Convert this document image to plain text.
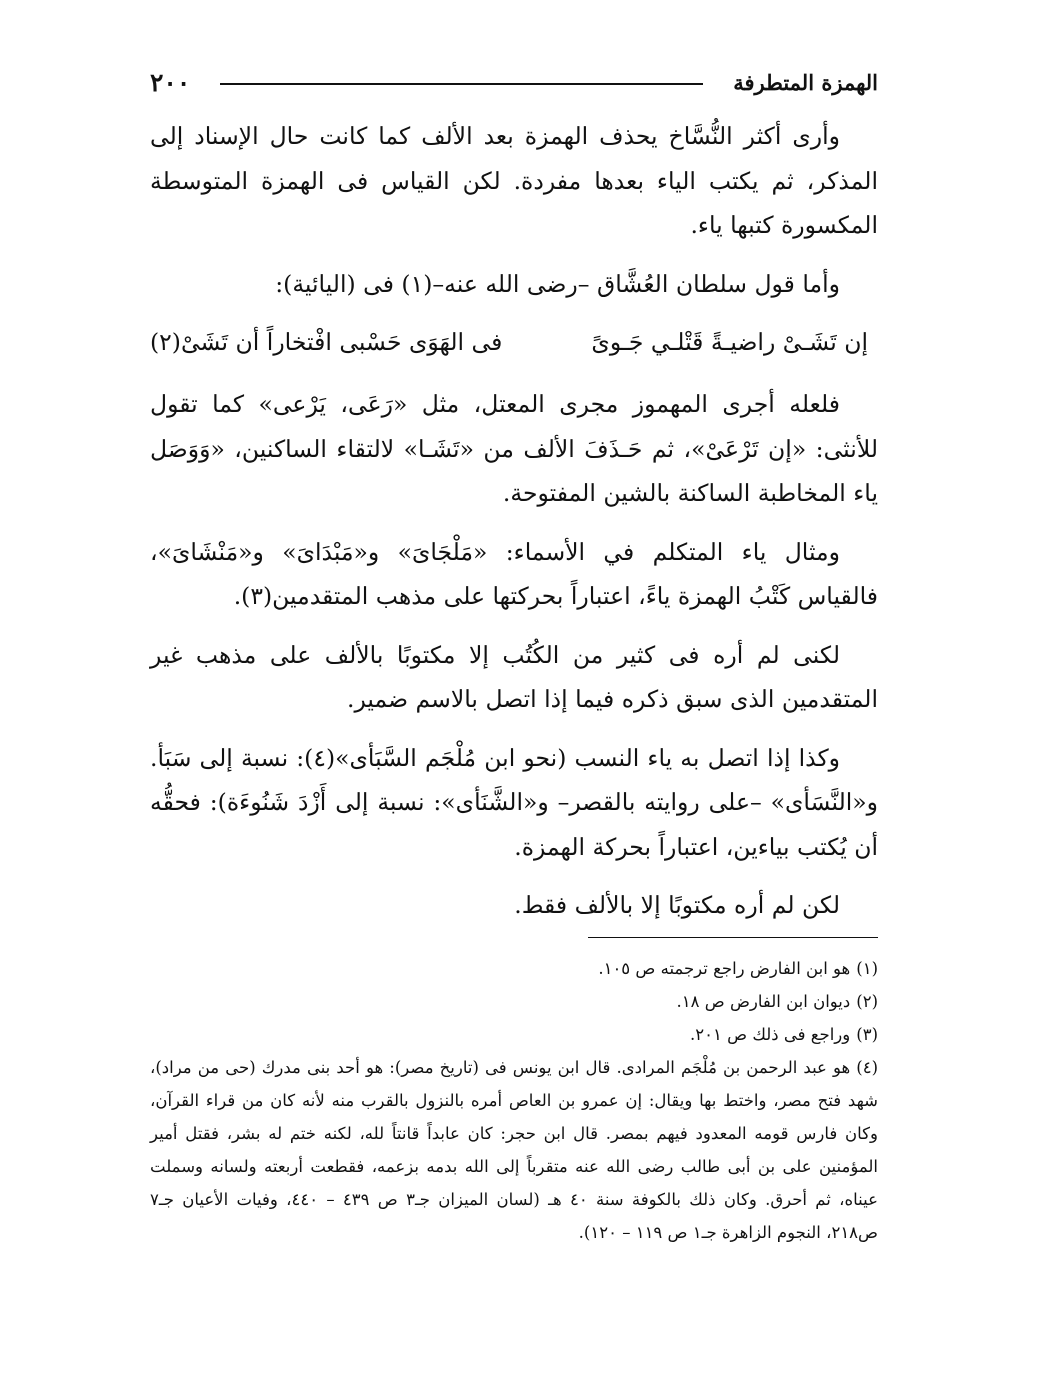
الهمزة المتطرفة
٢٠٠

وأرى أكثر النُّسَّاخ يحذف الهمزة بعد الألف كما كانت حال الإسناد إلى المذكر، ثم يكتب الياء بعدها مفردة. لكن القياس فى الهمزة المتوسطة المكسورة كتبها ياء.

وأما قول سلطان العُشَّاق –رضى الله عنه–(١) فى (اليائية):

إن تَشَـىْ راضيـةً قَتْلـي جَـوىً
فى الهَوَى حَسْبى افْتخاراً أن تَشَىْ(٢)

فلعله أجرى المهموز مجرى المعتل، مثل «رَعَى، يَرْعى» كما تقول للأنثى: «إن تَرْعَىْ»، ثم حَـذَفَ الألف من «تَشَـا» لالتقاء الساكنين، «وَوَصَل ياء المخاطبة الساكنة بالشين المفتوحة.

ومثال ياء المتكلم في الأسماء: «مَلْجَاىَ» و«مَبْدَاىَ» و«مَنْشَاىَ»، فالقياس كَتْبُ الهمزة ياءً، اعتباراً بحركتها على مذهب المتقدمين(٣).

لكنى لم أره فى كثير من الكُتُب إلا مكتوبًا بالألف على مذهب غير المتقدمين الذى سبق ذكره فيما إذا اتصل بالاسم ضمير.

وكذا إذا اتصل به ياء النسب (نحو ابن مُلْجَم السَّبَأى»(٤): نسبة إلى سَبَأ. و«النَّسَأى» –على روايته بالقصر– و«الشَّنَأى»: نسبة إلى أَزْدَ شَنُوءَة): فحقُّه أن يُكتب بياءين، اعتباراً بحركة الهمزة.

لكن لم أره مكتوبًا إلا بالألف فقط.

(١)هو ابن الفارض راجع ترجمته ص ١٠٥.

(٢)ديوان ابن الفارض ص ١٨.

(٣)وراجع فى ذلك ص ٢٠١.

(٤)هو عبد الرحمن بن مُلْجَم المرادى. قال ابن يونس فى (تاريخ مصر): هو أحد بنى مدرك (حى من مراد)، شهد فتح مصر، واختط بها ويقال: إن عمرو بن العاص أمره بالنزول بالقرب منه لأنه كان من قراء القرآن، وكان فارس قومه المعدود فيهم بمصر. قال ابن حجر: كان عابداً قانتاً لله، لكنه ختم له بشر، فقتل أمير المؤمنين على بن أبى طالب رضى الله عنه متقرباً إلى الله بدمه بزعمه، فقطعت أربعته ولسانه وسملت عيناه، ثم أحرق. وكان ذلك بالكوفة سنة ٤٠ هـ (لسان الميزان جـ٣ ص ٤٣٩ – ٤٤٠، وفيات الأعيان جـ٧ ص٢١٨، النجوم الزاهرة جـ١ ص ١١٩ – ١٢٠).
